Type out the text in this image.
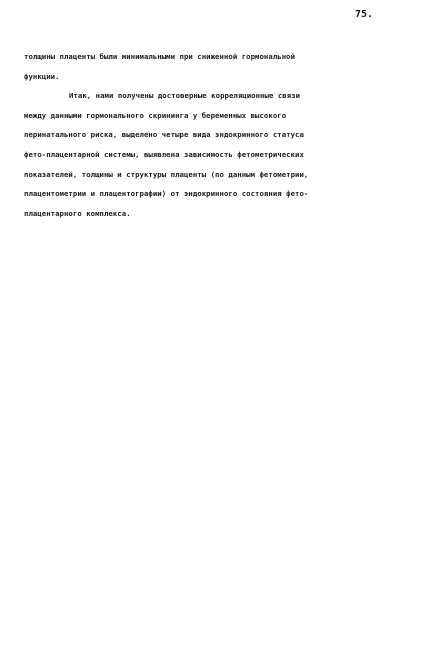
75.
толщины плаценты были минимальными при сниженной гормональной
функции.
Итак, нами получены достоверные корреляционные связи
между данными гормонального скрининга у беременных высокого
перинатального риска, выделено четыре вида эндокринного статуса
фето-плацентарной системы, выявлена зависимость фетометрических
показателей, толщины и структуры плаценты (по данным фетометрии,
плацентометрии и плацентографии) от эндокринного состояния фето-
плацентарного комплекса.
